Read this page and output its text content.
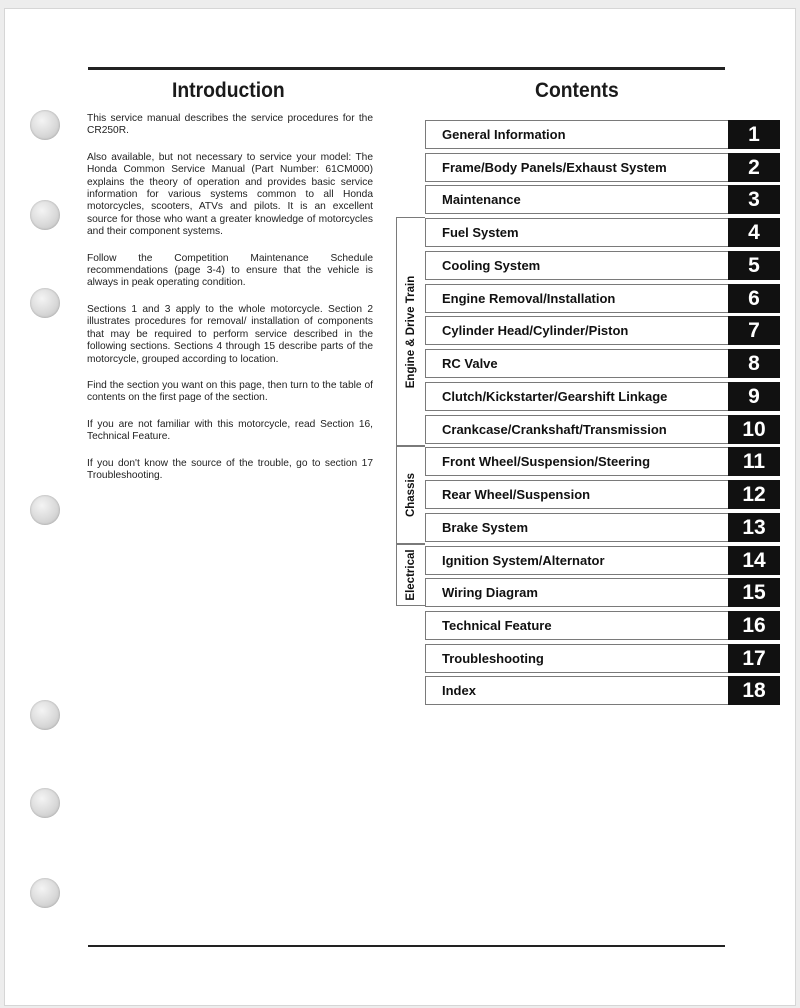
Introduction	Contents

This service manual describes the service procedures for the CR250R.

Also available, but not necessary to service your model: The Honda Common Service Manual (Part Number: 61CM000) explains the theory of operation and provides basic service information for various systems common to all Honda motorcycles, scooters, ATVs and pilots. It is an excellent source for those who want a greater knowledge of motorcycles and their component systems.

Follow the Competition Maintenance Schedule recommendations (page 3-4) to ensure that the vehicle is always in peak operating condition.

Sections 1 and 3 apply to the whole motorcycle. Section 2 illustrates procedures for removal/ installation of components that may be required to perform service described in the following sections. Sections 4 through 15 describe parts of the motorcycle, grouped according to location.

Find the section you want on this page, then turn to the table of contents on the first page of the section.

If you are not familiar with this motorcycle, read Section 16, Technical Feature.

If you don't know the source of the trouble, go to section 17 Troubleshooting.

Engine & Drive Train
Chassis
Electrical
General Information	1
Frame/Body Panels/Exhaust System	2
Maintenance	3
Fuel System	4
Cooling System	5
Engine Removal/Installation	6
Cylinder Head/Cylinder/Piston	7
RC Valve	8
Clutch/Kickstarter/Gearshift Linkage	9
Crankcase/Crankshaft/Transmission	10
Front Wheel/Suspension/Steering	11
Rear Wheel/Suspension	12
Brake System	13
Ignition System/Alternator	14
Wiring Diagram	15
Technical Feature	16
Troubleshooting	17
Index	18
